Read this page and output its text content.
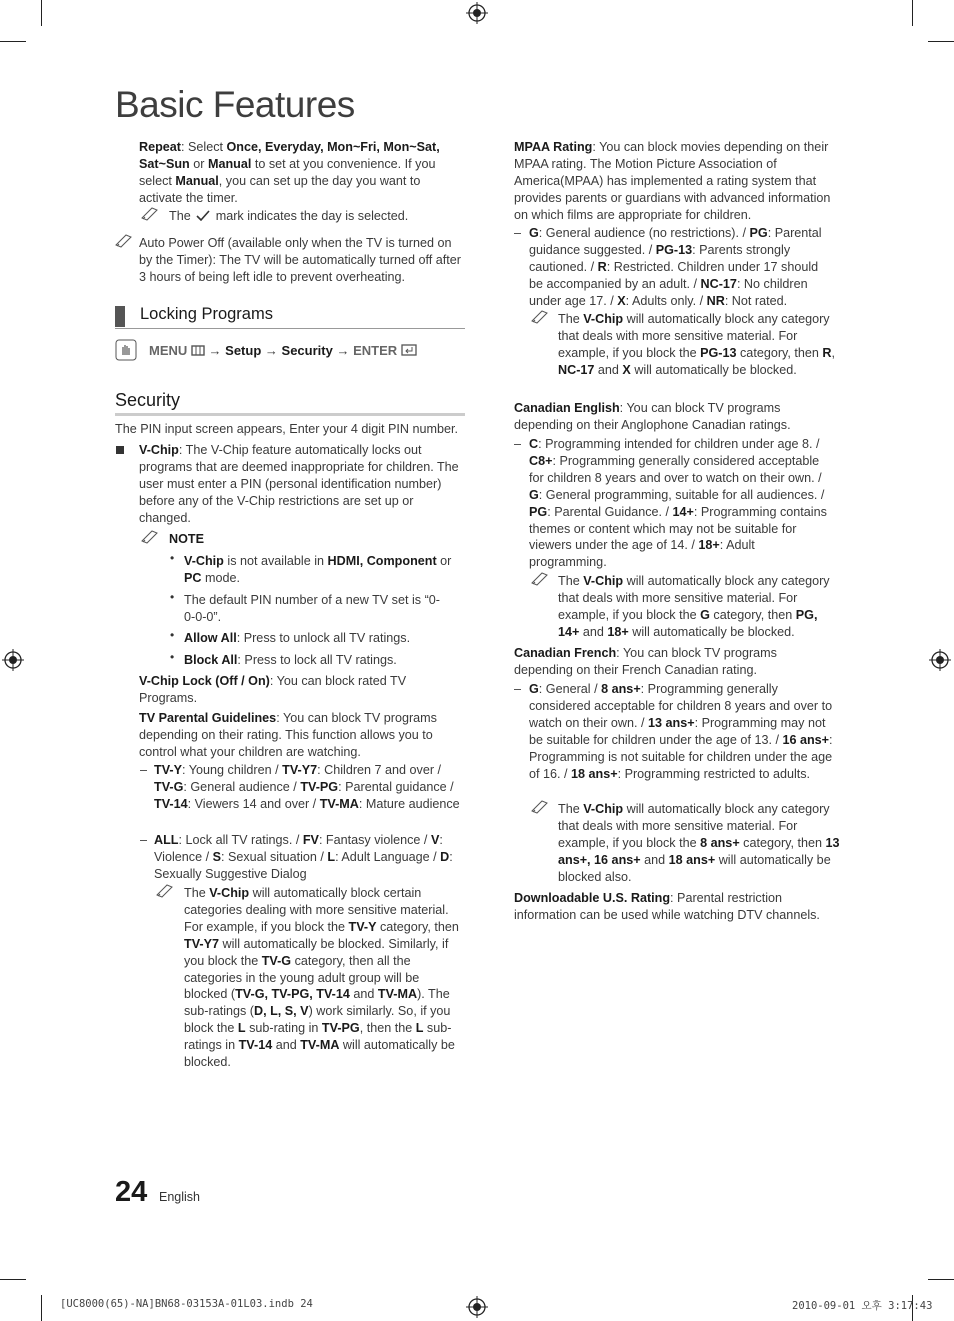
Basic Features

Repeat: Select Once, Everyday, Mon~Fri, Mon~Sat, Sat~Sun or Manual to set at you convenience. If you select Manual, you can set up the day you want to activate the timer.

The mark indicates the day is selected.
Auto Power Off (available only when the TV is turned on by the Timer): The TV will be automatically turned off after 3 hours of being left idle to prevent overheating.
Locking Programs
MENU → Setup → Security → ENTER
Security
The PIN input screen appears, Enter your 4 digit PIN number.

V-Chip: The V-Chip feature automatically locks out programs that are deemed inappropriate for children. The user must enter a PIN (personal identification number) before any of the V-Chip restrictions are set up or changed.

NOTE
• V-Chip is not available in HDMI, Component or PC mode.
• The default PIN number of a new TV set is “0-0-0-0”.
• Allow All: Press to unlock all TV ratings.
• Block All: Press to lock all TV ratings.
V-Chip Lock (Off / On): You can block rated TV Programs.
TV Parental Guidelines: You can block TV programs depending on their rating. This function allows you to control what your children are watching.
– TV-Y: Young children / TV-Y7: Children 7 and over / TV-G: General audience / TV-PG: Parental guidance / TV-14: Viewers 14 and over / TV-MA: Mature audience
– ALL: Lock all TV ratings. / FV: Fantasy violence / V: Violence / S: Sexual situation / L: Adult Language / D: Sexually Suggestive Dialog
The V-Chip will automatically block certain categories dealing with more sensitive material. For example, if you block the TV-Y category, then TV-Y7 will automatically be blocked. Similarly, if you block the TV-G category, then all the categories in the young adult group will be blocked (TV-G, TV-PG, TV-14 and TV-MA). The sub-ratings (D, L, S, V) work similarly. So, if you block the L sub-rating in TV-PG, then the L sub-ratings in TV-14 and TV-MA will automatically be blocked.
MPAA Rating: You can block movies depending on their MPAA rating. The Motion Picture Association of America(MPAA) has implemented a rating system that provides parents or guardians with advanced information on which films are appropriate for children.
– G: General audience (no restrictions). / PG: Parental guidance suggested. / PG-13: Parents strongly cautioned. / R: Restricted. Children under 17 should be accompanied by an adult. / NC-17: No children under age 17. / X: Adults only. / NR: Not rated.
The V-Chip will automatically block any category that deals with more sensitive material. For example, if you block the PG-13 category, then R, NC-17 and X will automatically be blocked.
Canadian English: You can block TV programs depending on their Anglophone Canadian ratings.
– C: Programming intended for children under age 8. / C8+: Programming generally considered acceptable for children 8 years and over to watch on their own. / G: General programming, suitable for all audiences. / PG: Parental Guidance. / 14+: Programming contains themes or content which may not be suitable for viewers under the age of 14. / 18+: Adult programming.
The V-Chip will automatically block any category that deals with more sensitive material. For example, if you block the G category, then PG, 14+ and 18+ will automatically be blocked.
Canadian French: You can block TV programs depending on their French Canadian rating.
– G: General / 8 ans+: Programming generally considered acceptable for children 8 years and over to watch on their own. / 13 ans+: Programming may not be suitable for children under the age of 13. / 16 ans+: Programming is not suitable for children under the age of 16. / 18 ans+: Programming restricted to adults.
The V-Chip will automatically block any category that deals with more sensitive material. For example, if you block the 8 ans+ category, then 13 ans+, 16 ans+ and 18 ans+ will automatically be blocked also.
Downloadable U.S. Rating: Parental restriction information can be used while watching DTV channels.
24 English
[UC8000(65)-NA]BN68-03153A-01L03.indb 24	2010-09-01 오후 3:17:43
